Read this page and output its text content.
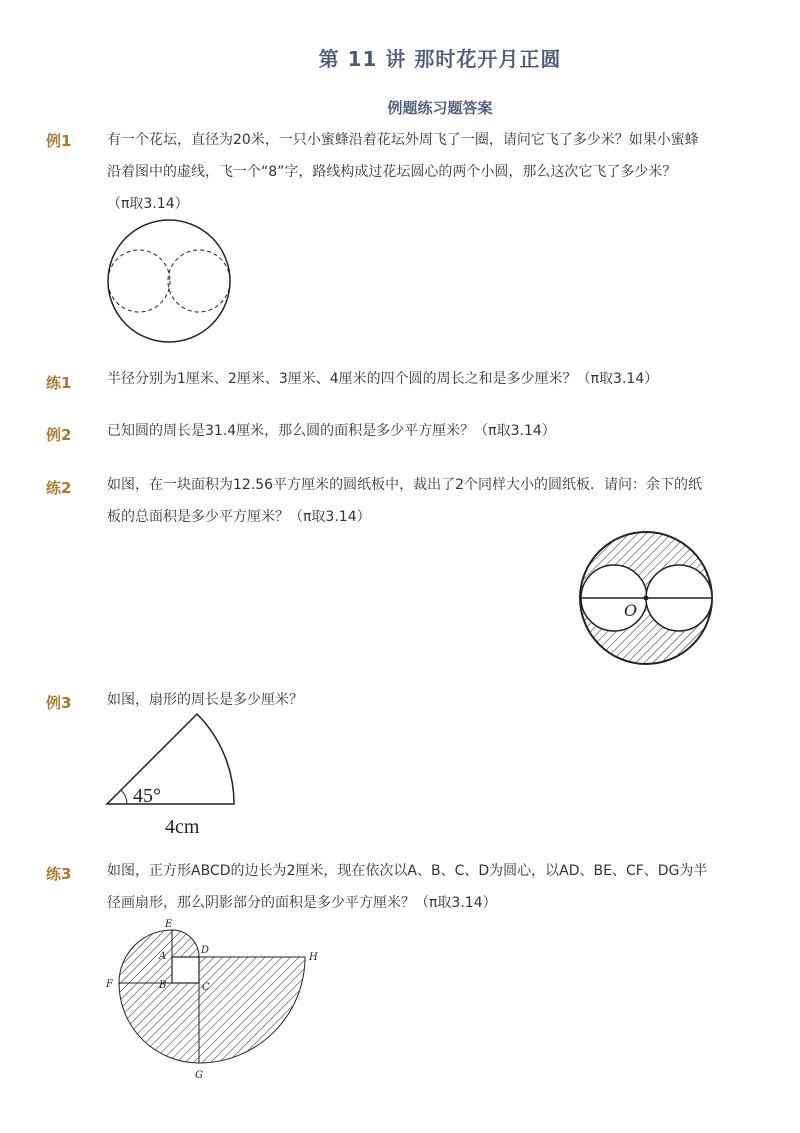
第 11 讲 那时花开月正圆
例题练习题答案
例1	有一个花坛，直径为20米，一只小蜜蜂沿着花坛外周飞了一圈，请问它飞了多少米？如果小蜜蜂
沿着图中的虚线，飞一个“8”字，路线构成过花坛圆心的两个小圆，那么这次它飞了多少米？
（π取3.14）
练1	半径分别为1厘米、2厘米、3厘米、4厘米的四个圆的周长之和是多少厘米？（π取3.14）
例2	已知圆的周长是31.4厘米，那么圆的面积是多少平方厘米？（π取3.14）
练2	如图，在一块面积为12.56平方厘米的圆纸板中，裁出了2个同样大小的圆纸板．请问：余下的纸
板的总面积是多少平方厘米？（π取3.14）
O
例3	如图，扇形的周长是多少厘米？
45°
4cm
练3	如图，正方形ABCD的边长为2厘米，现在依次以A、B、C、D为圆心，以AD、BE、CF、DG为半
径画扇形，那么阴影部分的面积是多少平方厘米？（π取3.14）
E
A
D
H
F	B	C
G
